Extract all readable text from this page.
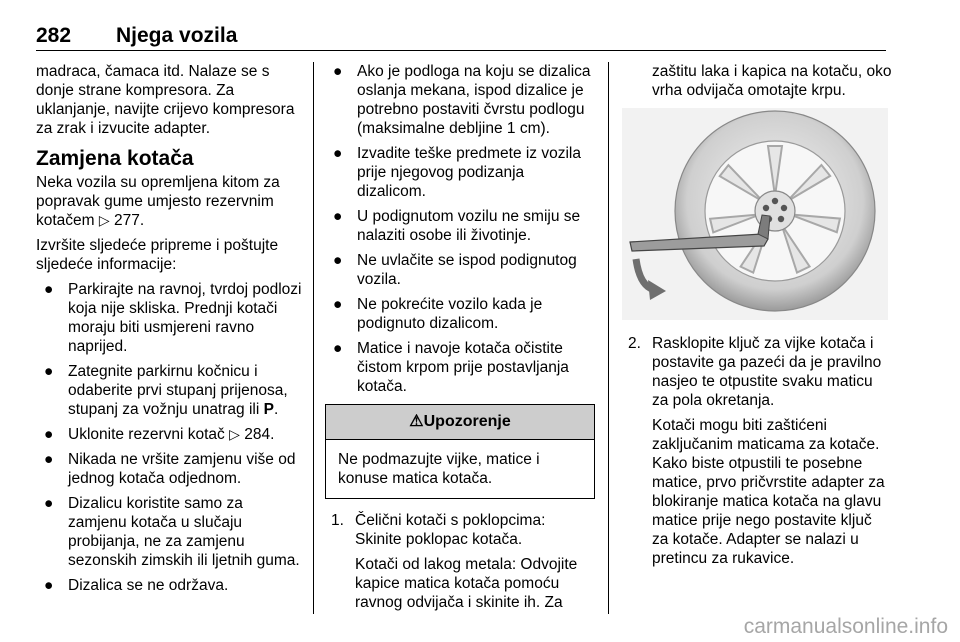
282 Njega vozila

madraca, čamaca itd. Nalaze se s donje strane kompresora. Za uklanjanje, navijte crijevo kompresora za zrak i izvucite adapter.

Zamjena kotača

Neka vozila su opremljena kitom za popravak gume umjesto rezervnim kotačem ▷ 277.

Izvršite sljedeće pripreme i poštujte sljedeće informacije:

● Parkirajte na ravnoj, tvrdoj podlozi koja nije skliska. Prednji kotači moraju biti usmjereni ravno naprijed.
● Zategnite parkirnu kočnicu i odaberite prvi stupanj prijenosa, stupanj za vožnju unatrag ili P.
● Uklonite rezervni kotač ▷ 284.
● Nikada ne vršite zamjenu više od jednog kotača odjednom.
● Dizalicu koristite samo za zamjenu kotača u slučaju probijanja, ne za zamjenu sezonskih zimskih ili ljetnih guma.
● Dizalica se ne održava.
● Ako je podloga na koju se dizalica oslanja mekana, ispod dizalice je potrebno postaviti čvrstu podlogu (maksimalne debljine 1 cm).
● Izvadite teške predmete iz vozila prije njegovog podizanja dizalicom.
● U podignutom vozilu ne smiju se nalaziti osobe ili životinje.
● Ne uvlačite se ispod podignutog vozila.
● Ne pokrećite vozilo kada je podignuto dizalicom.
● Matice i navoje kotača očistite čistom krpom prije postavljanja kotača.
⚠Upozorenje
Ne podmazujte vijke, matice i konuse matica kotača.
1. Čelični kotači s poklopcima: Skinite poklopac kotača.

Kotači od lakog metala: Odvojite kapice matica kotača pomoću ravnog odvijača i skinite ih. Za

zaštitu laka i kapica na kotaču, oko vrha odvijača omotajte krpu.

2. Rasklopite ključ za vijke kotača i postavite ga pazeći da je pravilno nasjeo te otpustite svaku maticu za pola okretanja.

Kotači mogu biti zaštićeni zaključanim maticama za kotače. Kako biste otpustili te posebne matice, prvo pričvrstite adapter za blokiranje matica kotača na glavu matice prije nego postavite ključ za kotače. Adapter se nalazi u pretincu za rukavice.

carmanualsonline.info
